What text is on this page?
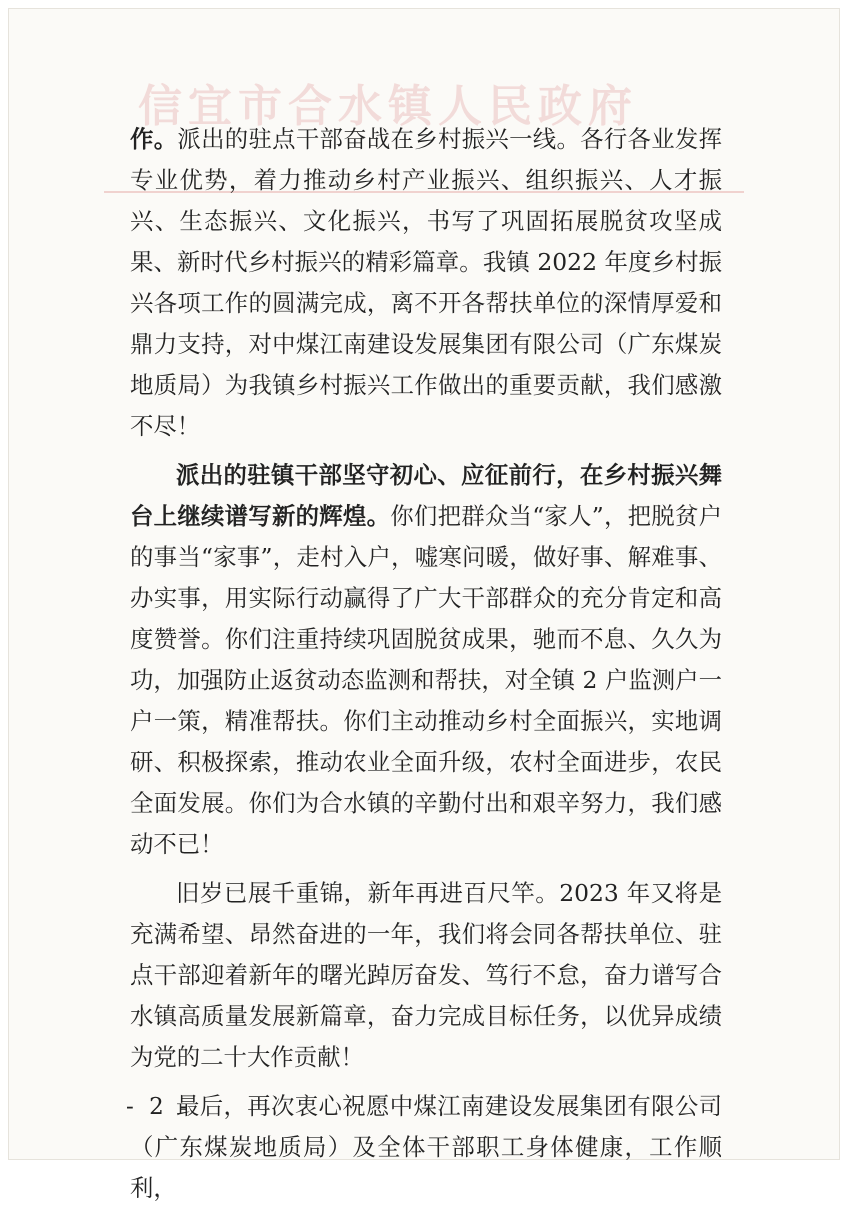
信宜市合水镇人民政府

作。派出的驻点干部奋战在乡村振兴一线。各行各业发挥专业优势，着力推动乡村产业振兴、组织振兴、人才振兴、生态振兴、文化振兴，书写了巩固拓展脱贫攻坚成果、新时代乡村振兴的精彩篇章。我镇 2022 年度乡村振兴各项工作的圆满完成，离不开各帮扶单位的深情厚爱和鼎力支持，对中煤江南建设发展集团有限公司（广东煤炭地质局）为我镇乡村振兴工作做出的重要贡献，我们感激不尽！

派出的驻镇干部坚守初心、应征前行，在乡村振兴舞台上继续谱写新的辉煌。你们把群众当“家人”，把脱贫户的事当“家事”，走村入户，嘘寒问暖，做好事、解难事、办实事，用实际行动赢得了广大干部群众的充分肯定和高度赞誉。你们注重持续巩固脱贫成果，驰而不息、久久为功，加强防止返贫动态监测和帮扶，对全镇 2 户监测户一户一策，精准帮扶。你们主动推动乡村全面振兴，实地调研、积极探索，推动农业全面升级，农村全面进步，农民全面发展。你们为合水镇的辛勤付出和艰辛努力，我们感动不已！

旧岁已展千重锦，新年再进百尺竿。2023 年又将是充满希望、昂然奋进的一年，我们将会同各帮扶单位、驻点干部迎着新年的曙光踔厉奋发、笃行不怠，奋力谱写合水镇高质量发展新篇章，奋力完成目标任务，以优异成绩为党的二十大作贡献！

最后，再次衷心祝愿中煤江南建设发展集团有限公司（广东煤炭地质局）及全体干部职工身体健康，工作顺利，

- 2 -
